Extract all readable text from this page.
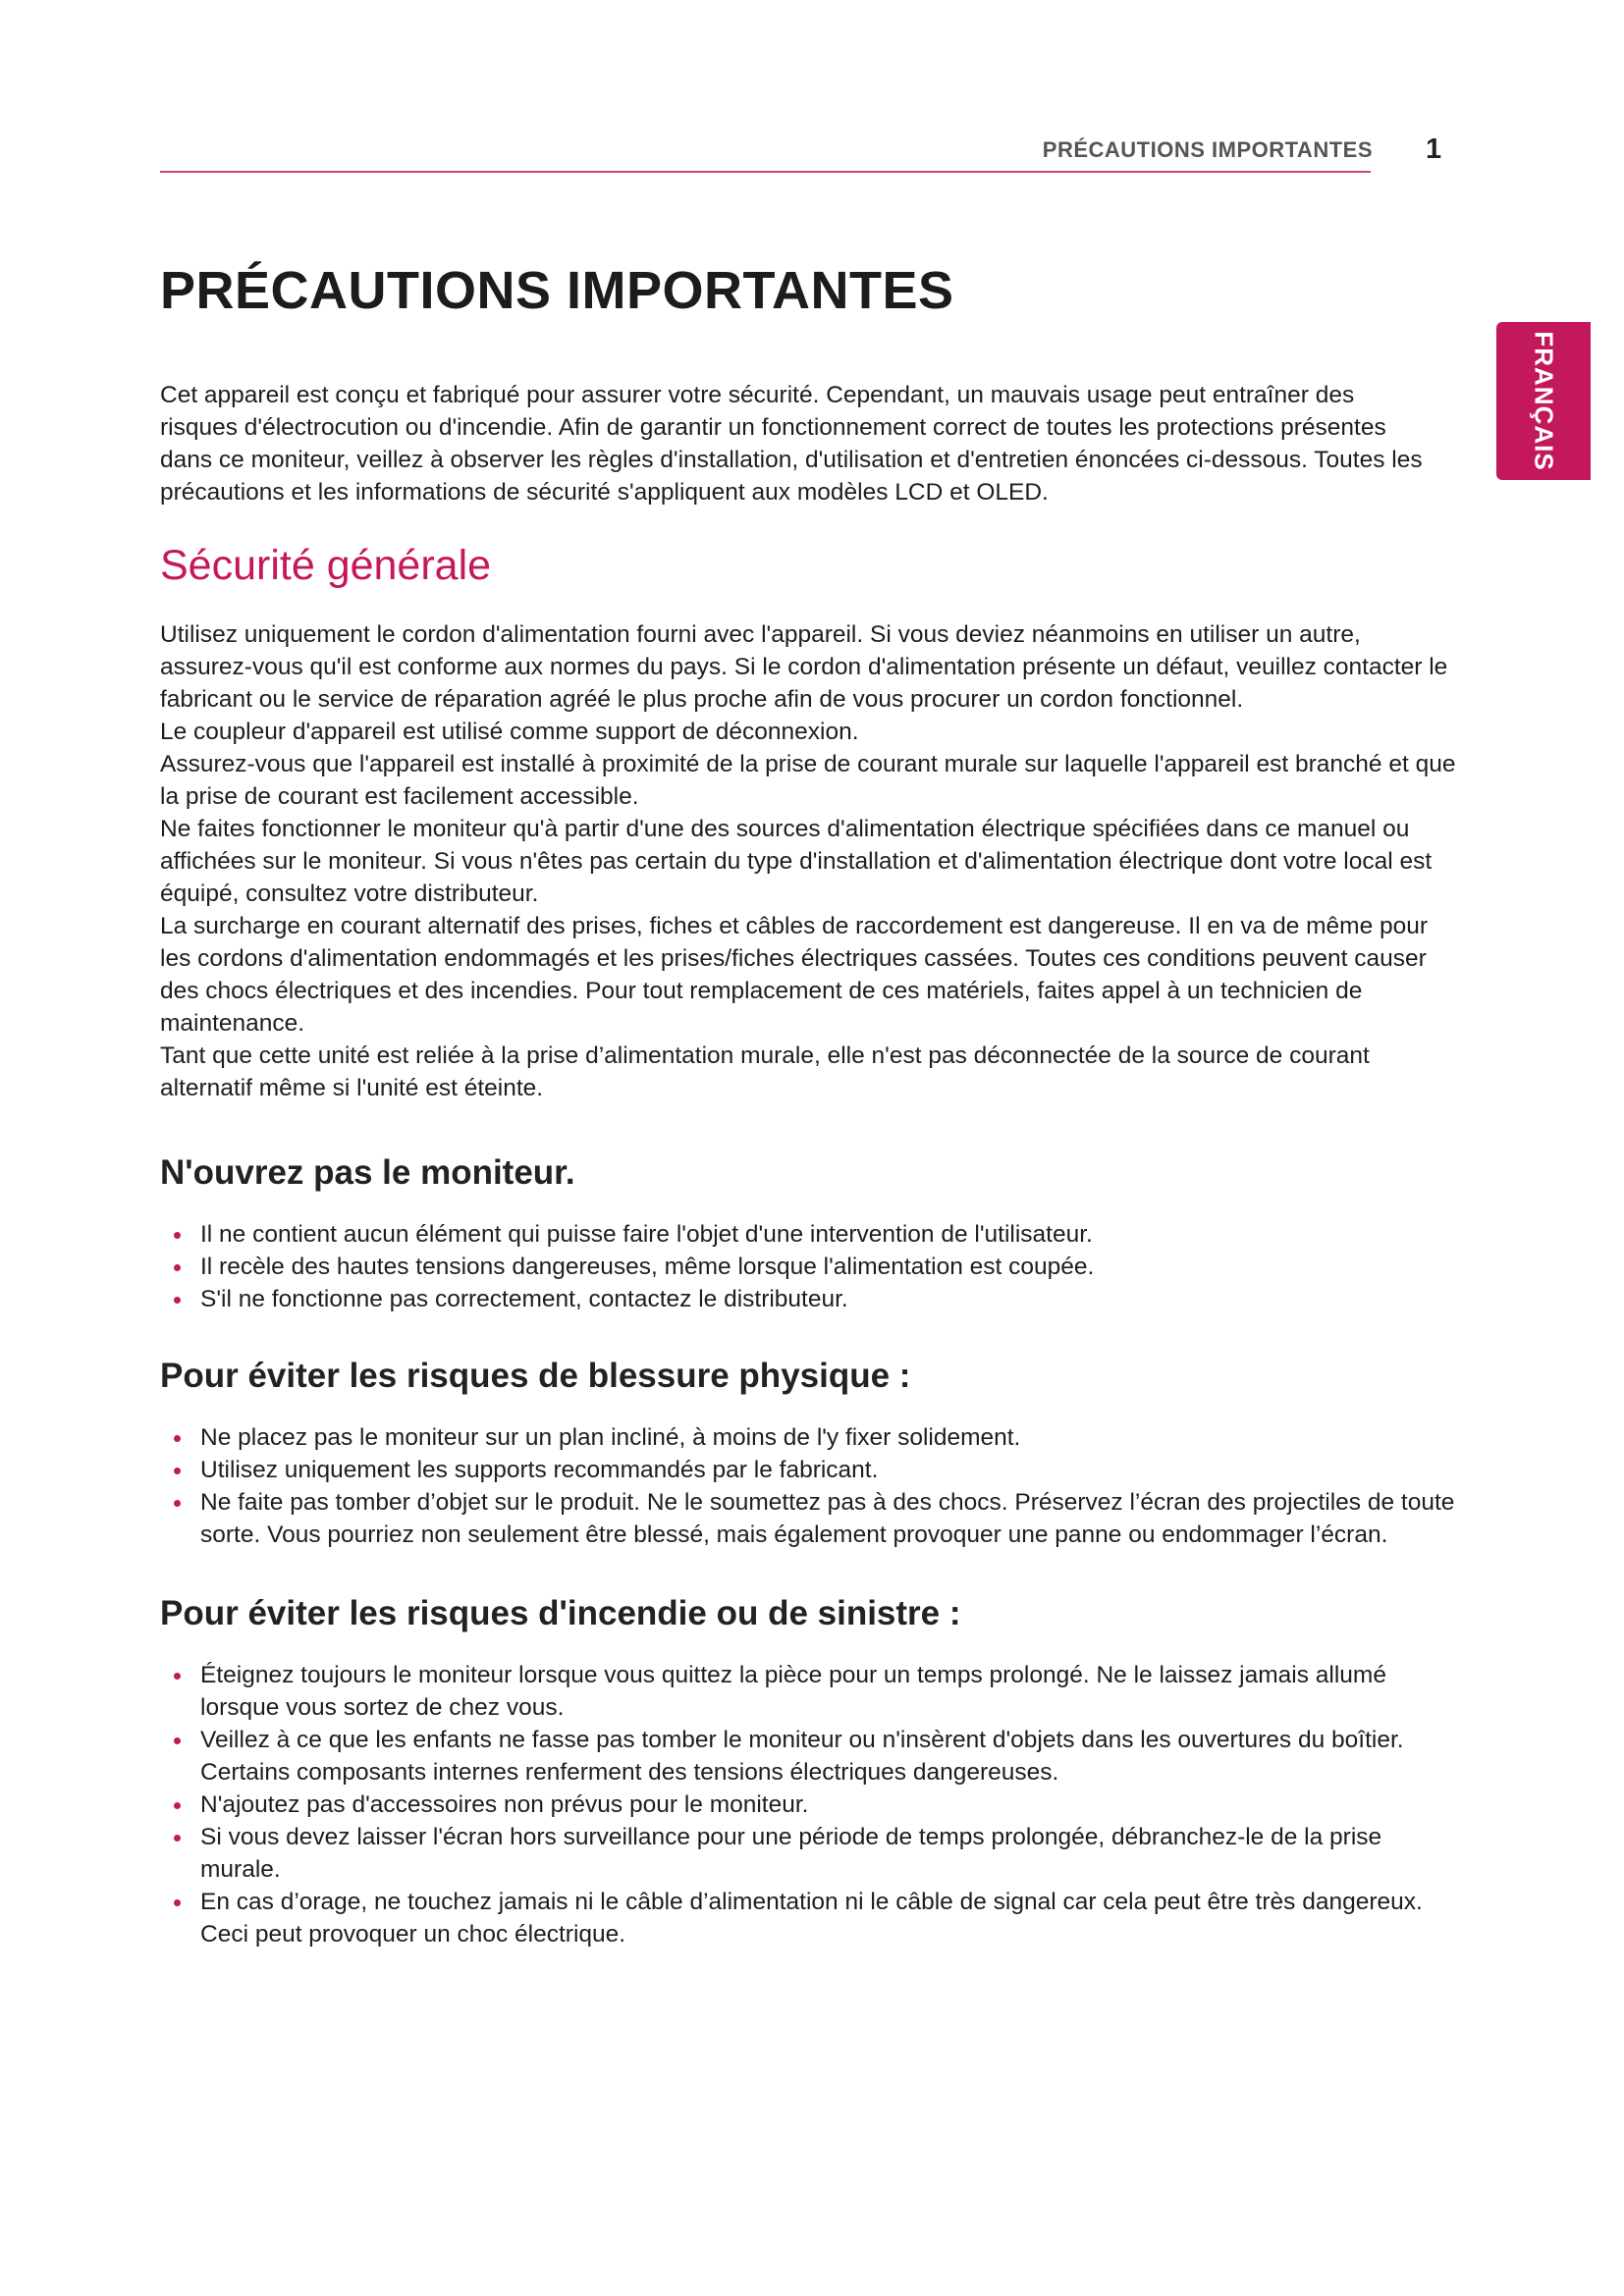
PRÉCAUTIONS IMPORTANTES 1
FRANÇAIS
PRÉCAUTIONS IMPORTANTES

Cet appareil est conçu et fabriqué pour assurer votre sécurité. Cependant, un mauvais usage peut entraîner des risques d'électrocution ou d'incendie. Afin de garantir un fonctionnement correct de toutes les protections présentes dans ce moniteur, veillez à observer les règles d'installation, d'utilisation et d'entretien énoncées ci-dessous. Toutes les précautions et les informations de sécurité s'appliquent aux modèles LCD et OLED.

Sécurité générale

Utilisez uniquement le cordon d'alimentation fourni avec l'appareil. Si vous deviez néanmoins en utiliser un autre, assurez-vous qu'il est conforme aux normes du pays. Si le cordon d'alimentation présente un défaut, veuillez contacter le fabricant ou le service de réparation agréé le plus proche afin de vous procurer un cordon fonctionnel.

Le coupleur d'appareil est utilisé comme support de déconnexion.

Assurez-vous que l'appareil est installé à proximité de la prise de courant murale sur laquelle l'appareil est branché et que la prise de courant est facilement accessible.

Ne faites fonctionner le moniteur qu'à partir d'une des sources d'alimentation électrique spécifiées dans ce manuel ou affichées sur le moniteur. Si vous n'êtes pas certain du type d'installation et d'alimentation électrique dont votre local est équipé, consultez votre distributeur.

La surcharge en courant alternatif des prises, fiches et câbles de raccordement est dangereuse. Il en va de même pour les cordons d'alimentation endommagés et les prises/fiches électriques cassées. Toutes ces conditions peuvent causer des chocs électriques et des incendies. Pour tout remplacement de ces matériels, faites appel à un technicien de maintenance.

Tant que cette unité est reliée à la prise d’alimentation murale, elle n'est pas déconnectée de la source de courant alternatif même si l'unité est éteinte.

N'ouvrez pas le moniteur.
Il ne contient aucun élément qui puisse faire l'objet d'une intervention de l'utilisateur.
Il recèle des hautes tensions dangereuses, même lorsque l'alimentation est coupée.
S'il ne fonctionne pas correctement, contactez le distributeur.
Pour éviter les risques de blessure physique :
Ne placez pas le moniteur sur un plan incliné, à moins de l'y fixer solidement.
Utilisez uniquement les supports recommandés par le fabricant.
Ne faite pas tomber d’objet sur le produit. Ne le soumettez pas à des chocs. Préservez l’écran des projectiles de toute sorte. Vous pourriez non seulement être blessé, mais également provoquer une panne ou endommager l’écran.
Pour éviter les risques d'incendie ou de sinistre :
Éteignez toujours le moniteur lorsque vous quittez la pièce pour un temps prolongé. Ne le laissez jamais allumé lorsque vous sortez de chez vous.
Veillez à ce que les enfants ne fasse pas tomber le moniteur ou n'insèrent d'objets dans les ouvertures du boîtier. Certains composants internes renferment des tensions électriques dangereuses.
N'ajoutez pas d'accessoires non prévus pour le moniteur.
Si vous devez laisser l'écran hors surveillance pour une période de temps prolongée, débranchez-le de la prise murale.
En cas d’orage, ne touchez jamais ni le câble d’alimentation ni le câble de signal car cela peut être très dangereux. Ceci peut provoquer un choc électrique.
